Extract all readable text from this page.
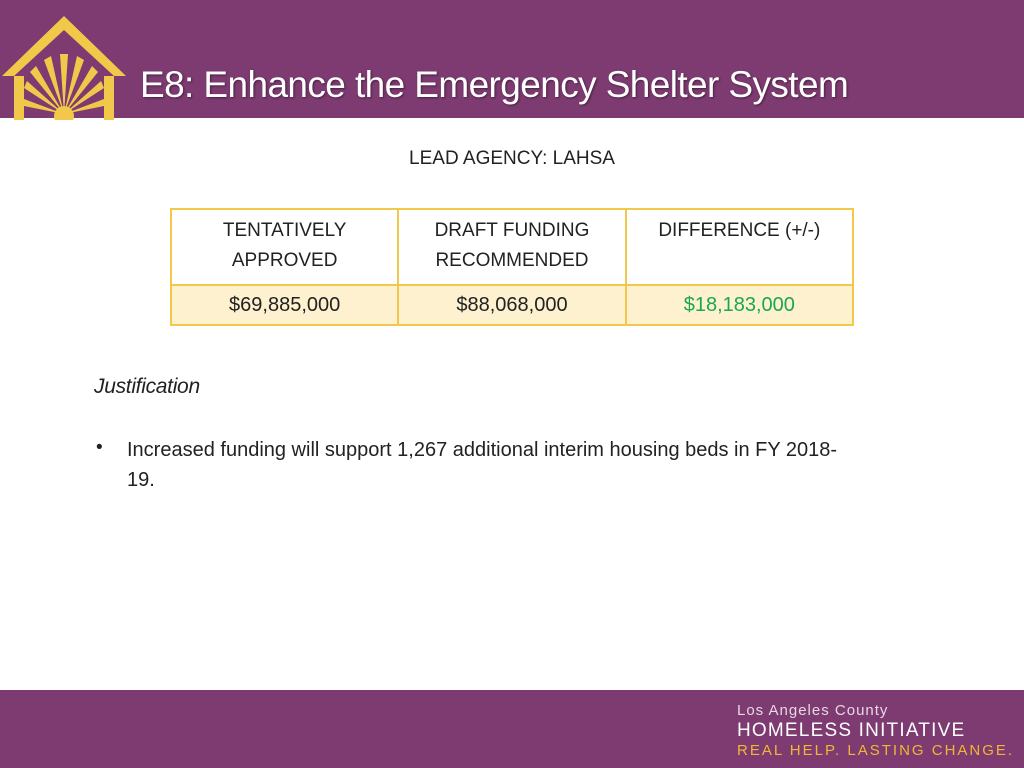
E8: Enhance the Emergency Shelter System
LEAD AGENCY: LAHSA
TENTATIVELY APPROVED	DRAFT FUNDING RECOMMENDED	DIFFERENCE (+/-)
$69,885,000	$88,068,000	$18,183,000
Justification
• Increased funding will support 1,267 additional interim housing beds in FY 2018-19.
Los Angeles County
HOMELESS INITIATIVE
REAL HELP. LASTING CHANGE.
